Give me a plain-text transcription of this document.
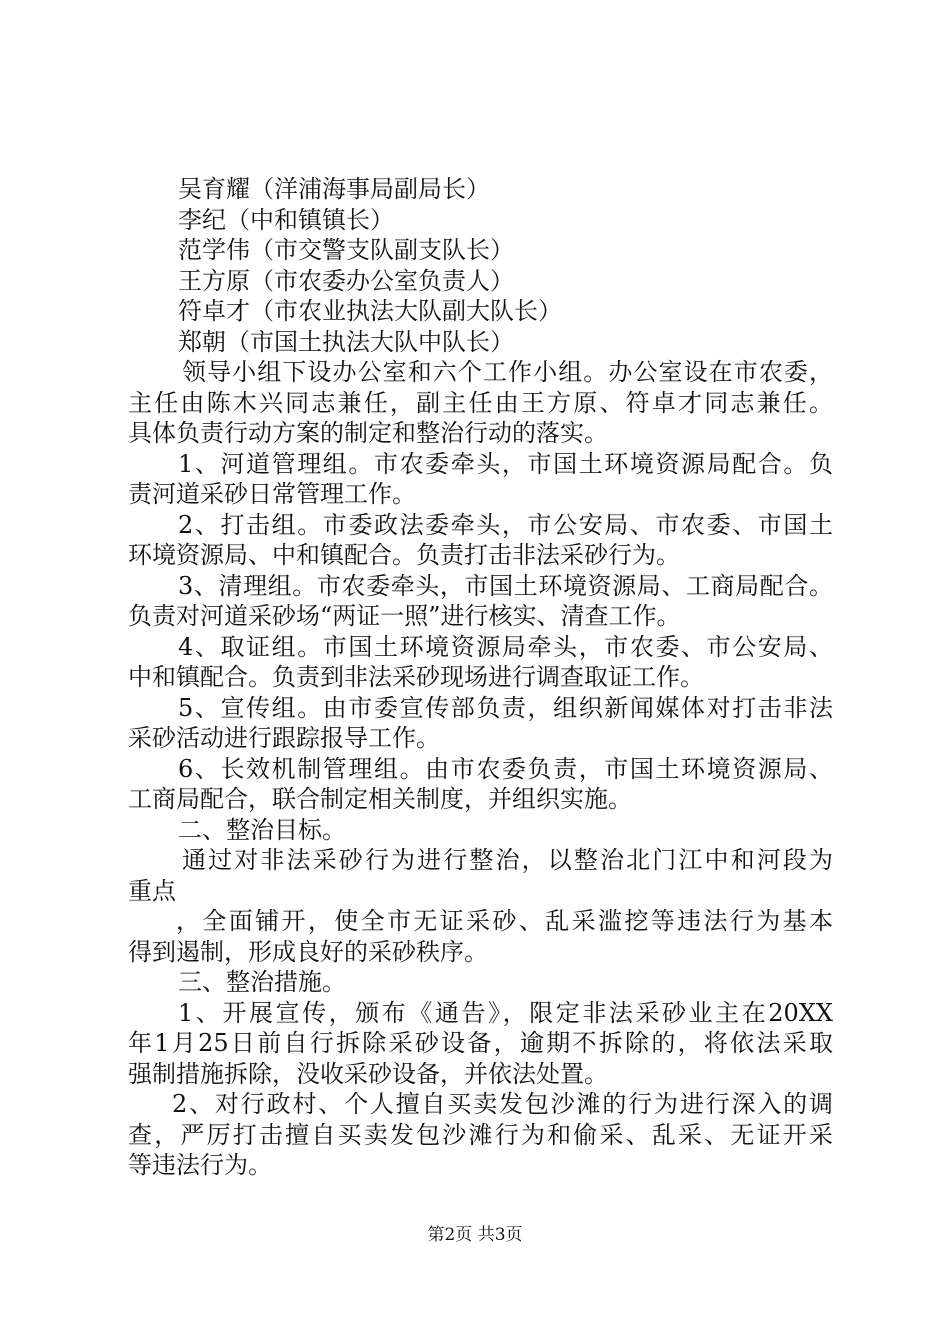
吴育耀（洋浦海事局副局长）
李纪（中和镇镇长）
范学伟（市交警支队副支队长）
王方原（市农委办公室负责人）
符卓才（市农业执法大队副大队长）
郑朝（市国土执法大队中队长）
领导小组下设办公室和六个工作小组。办公室设在市农委，
主任由陈木兴同志兼任，副主任由王方原、符卓才同志兼任。
具体负责行动方案的制定和整治行动的落实。
1、河道管理组。市农委牵头，市国土环境资源局配合。负
责河道采砂日常管理工作。
2、打击组。市委政法委牵头，市公安局、市农委、市国土
环境资源局、中和镇配合。负责打击非法采砂行为。
3、清理组。市农委牵头，市国土环境资源局、工商局配合。
负责对河道采砂场“两证一照”进行核实、清查工作。
4、取证组。市国土环境资源局牵头，市农委、市公安局、
中和镇配合。负责到非法采砂现场进行调查取证工作。
5、宣传组。由市委宣传部负责，组织新闻媒体对打击非法
采砂活动进行跟踪报导工作。
6、长效机制管理组。由市农委负责，市国土环境资源局、
工商局配合，联合制定相关制度，并组织实施。
二、整治目标。
通过对非法采砂行为进行整治，以整治北门江中和河段为
重点
，全面铺开，使全市无证采砂、乱采滥挖等违法行为基本
得到遏制，形成良好的采砂秩序。
三、整治措施。
1、开展宣传，颁布《通告》，限定非法采砂业主在20XX
年1月25日前自行拆除采砂设备，逾期不拆除的，将依法采取
强制措施拆除，没收采砂设备，并依法处置。
2、对行政村、个人擅自买卖发包沙滩的行为进行深入的调
查，严厉打击擅自买卖发包沙滩行为和偷采、乱采、无证开采
等违法行为。
第2页 共3页
